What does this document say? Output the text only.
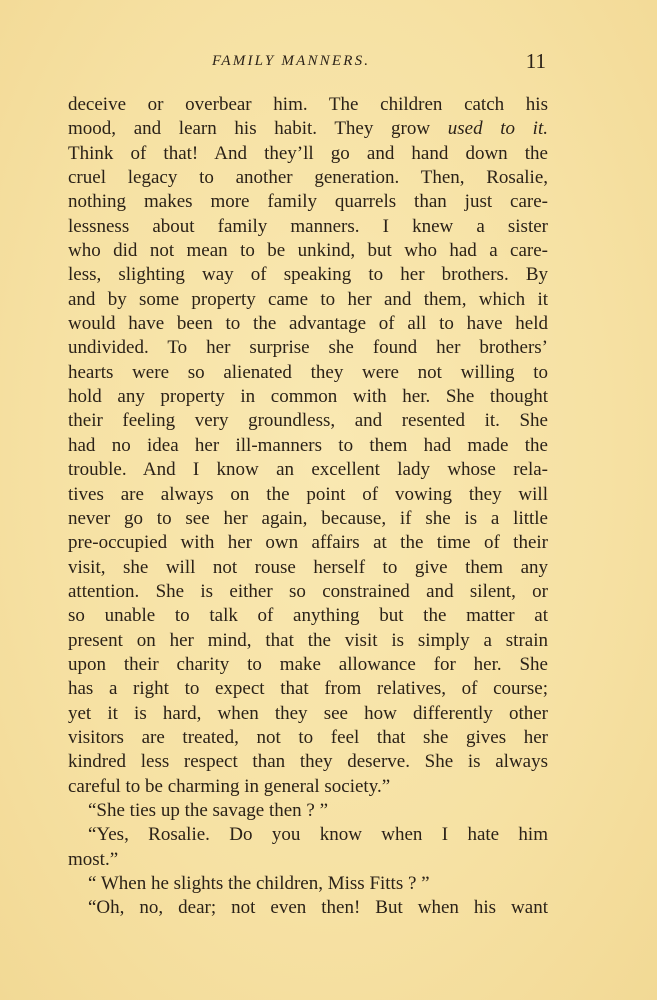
FAMILY MANNERS.	11
deceive or overbear him. The children catch his
mood, and learn his habit. They grow used to it.
Think of that! And they’ll go and hand down the
cruel legacy to another generation. Then, Rosalie,
nothing makes more family quarrels than just care-
lessness about family manners. I knew a sister
who did not mean to be unkind, but who had a care-
less, slighting way of speaking to her brothers. By
and by some property came to her and them, which it
would have been to the advantage of all to have held
undivided. To her surprise she found her brothers’
hearts were so alienated they were not willing to
hold any property in common with her. She thought
their feeling very groundless, and resented it. She
had no idea her ill-manners to them had made the
trouble. And I know an excellent lady whose rela-
tives are always on the point of vowing they will
never go to see her again, because, if she is a little
pre-occupied with her own affairs at the time of their
visit, she will not rouse herself to give them any
attention. She is either so constrained and silent, or
so unable to talk of anything but the matter at
present on her mind, that the visit is simply a strain
upon their charity to make allowance for her. She
has a right to expect that from relatives, of course;
yet it is hard, when they see how differently other
visitors are treated, not to feel that she gives her
kindred less respect than they deserve. She is always
careful to be charming in general society.”
“She ties up the savage then ? ”
“Yes, Rosalie. Do you know when I hate him
most.”
“ When he slights the children, Miss Fitts ? ”
“Oh, no, dear; not even then! But when his want
